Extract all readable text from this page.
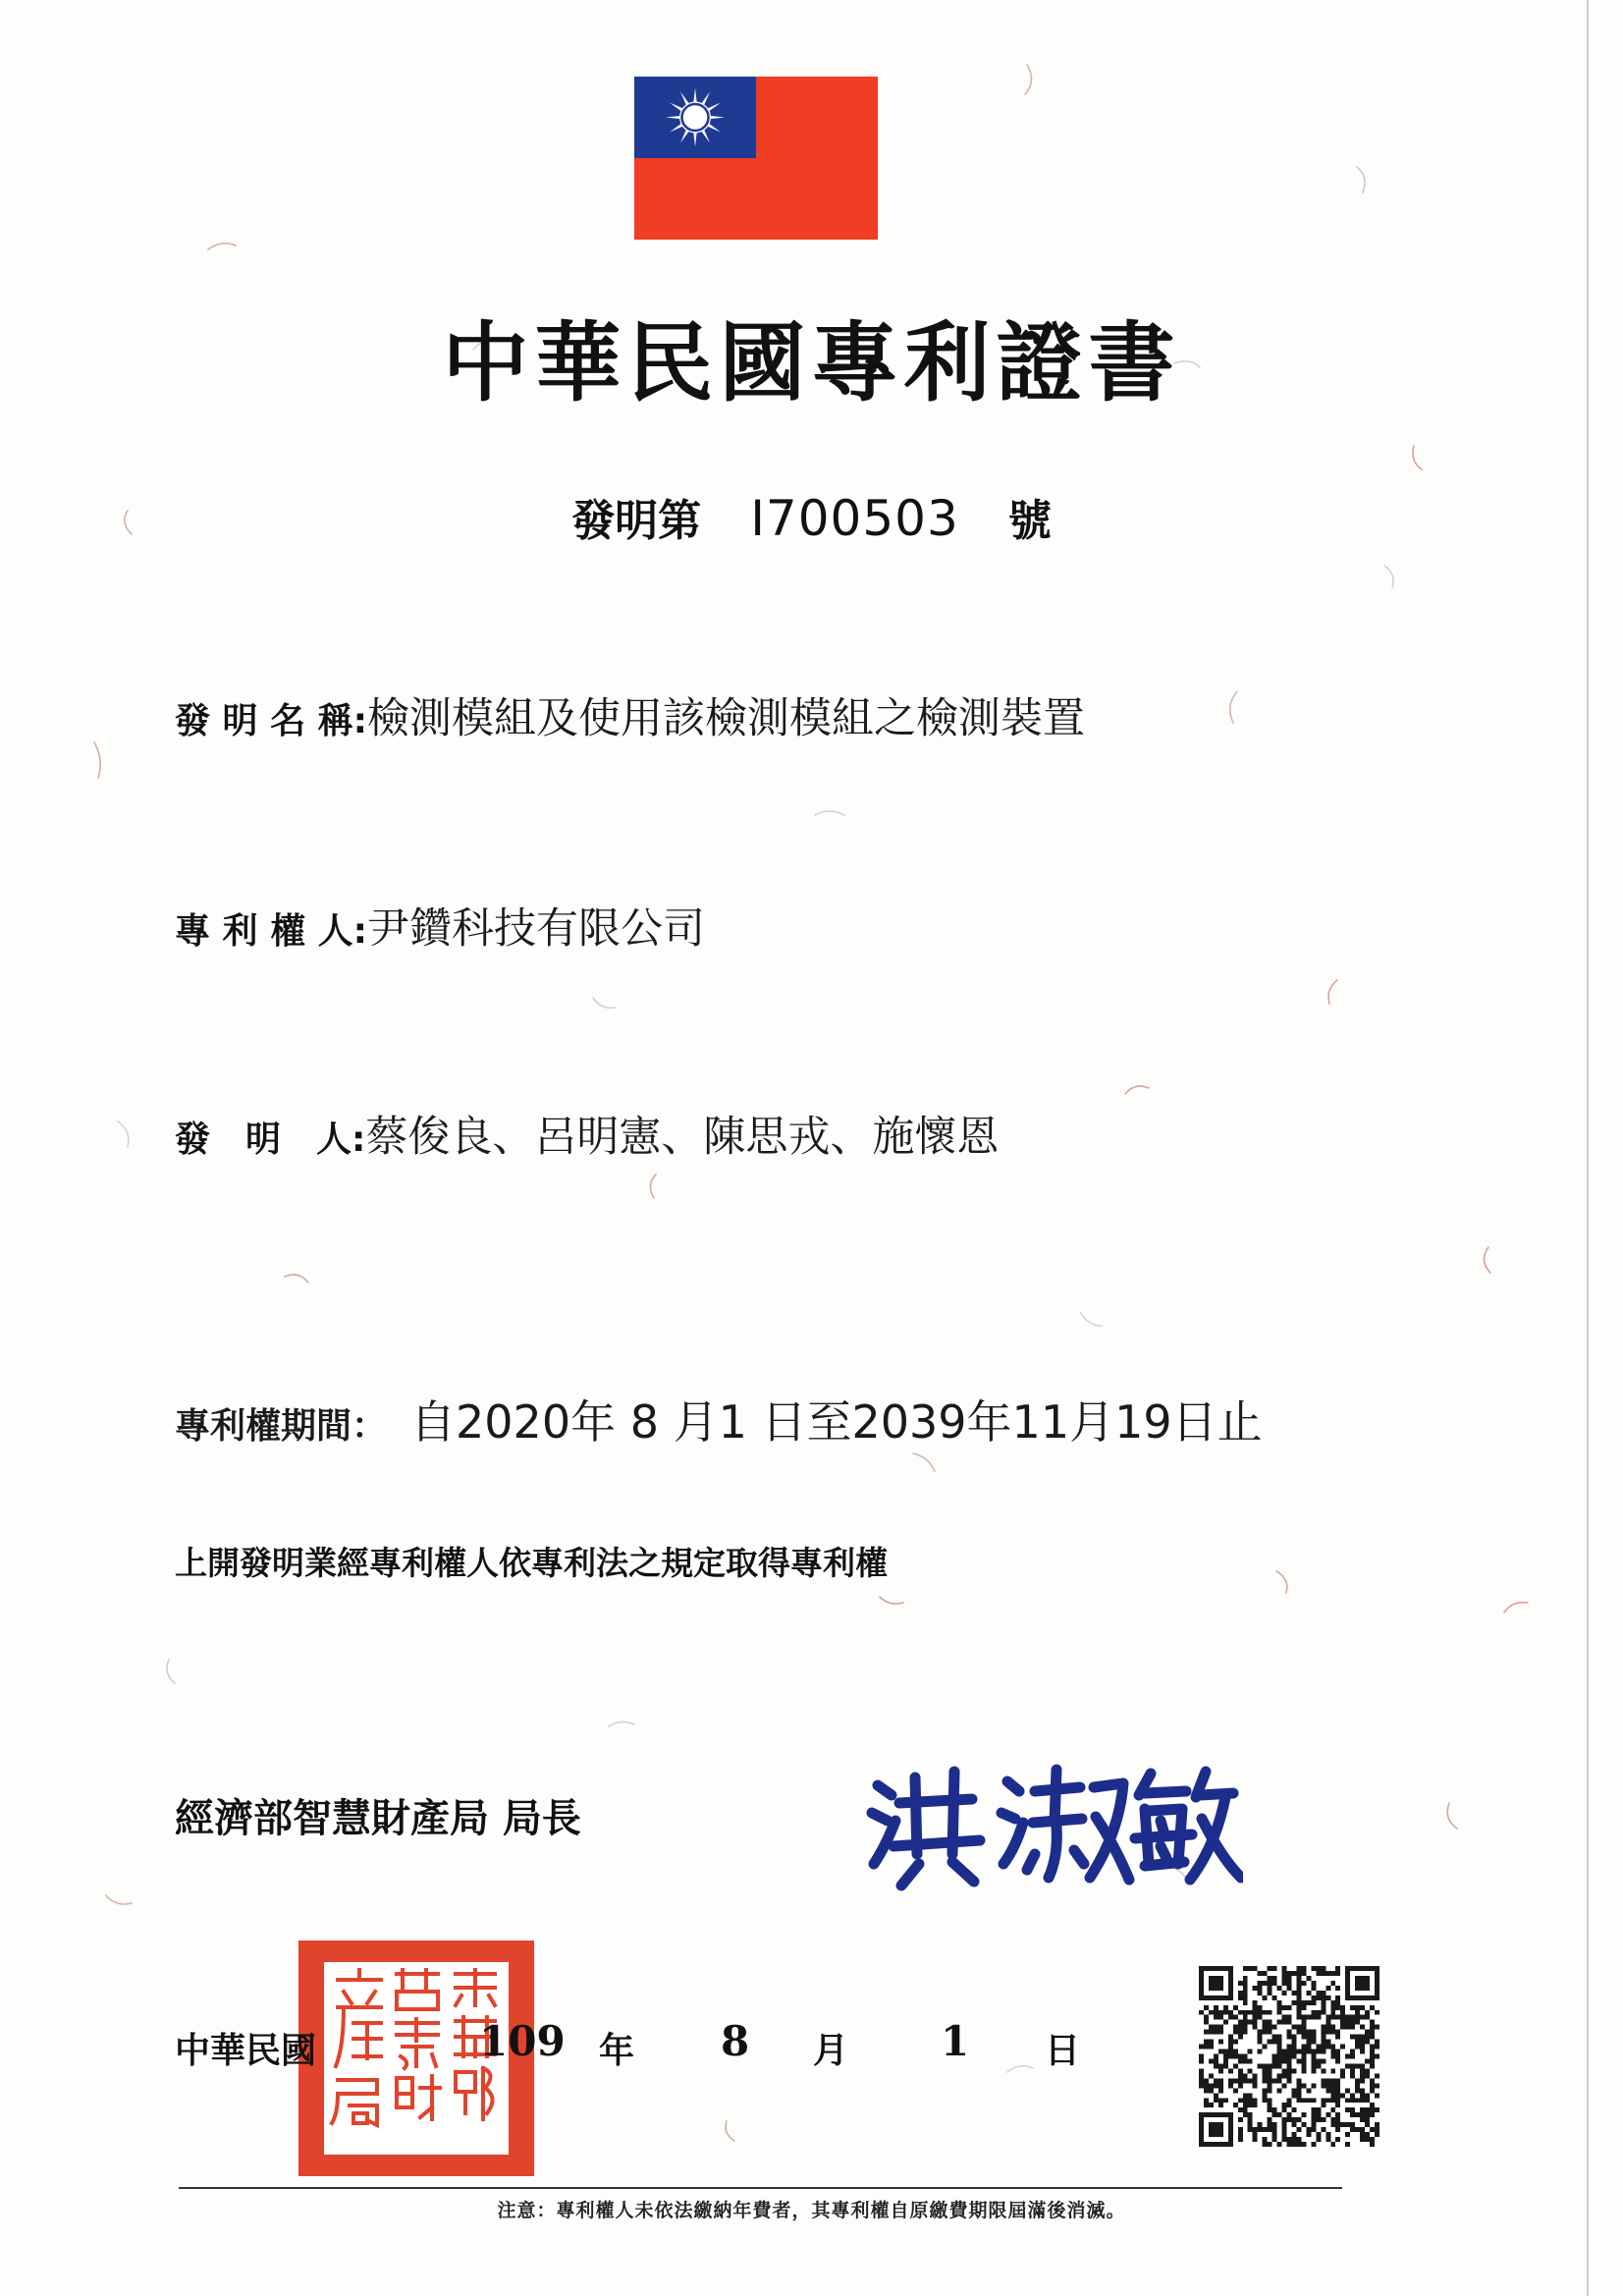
中華民國專利證書
發明第 I700503 號
發 明 名 稱:檢測模組及使用該檢測模組之檢測裝置
專 利 權 人:尹鑽科技有限公司
發　明　人:蔡俊良、呂明憲、陳思戎、施懷恩
專利權期間： 自2020年 8 月1 日至2039年11月19日止
上開發明業經專利權人依專利法之規定取得專利權
經濟部智慧財產局 局長
中華民國	109 年 8 月 1 日
注意：專利權人未依法繳納年費者，其專利權自原繳費期限屆滿後消滅。
